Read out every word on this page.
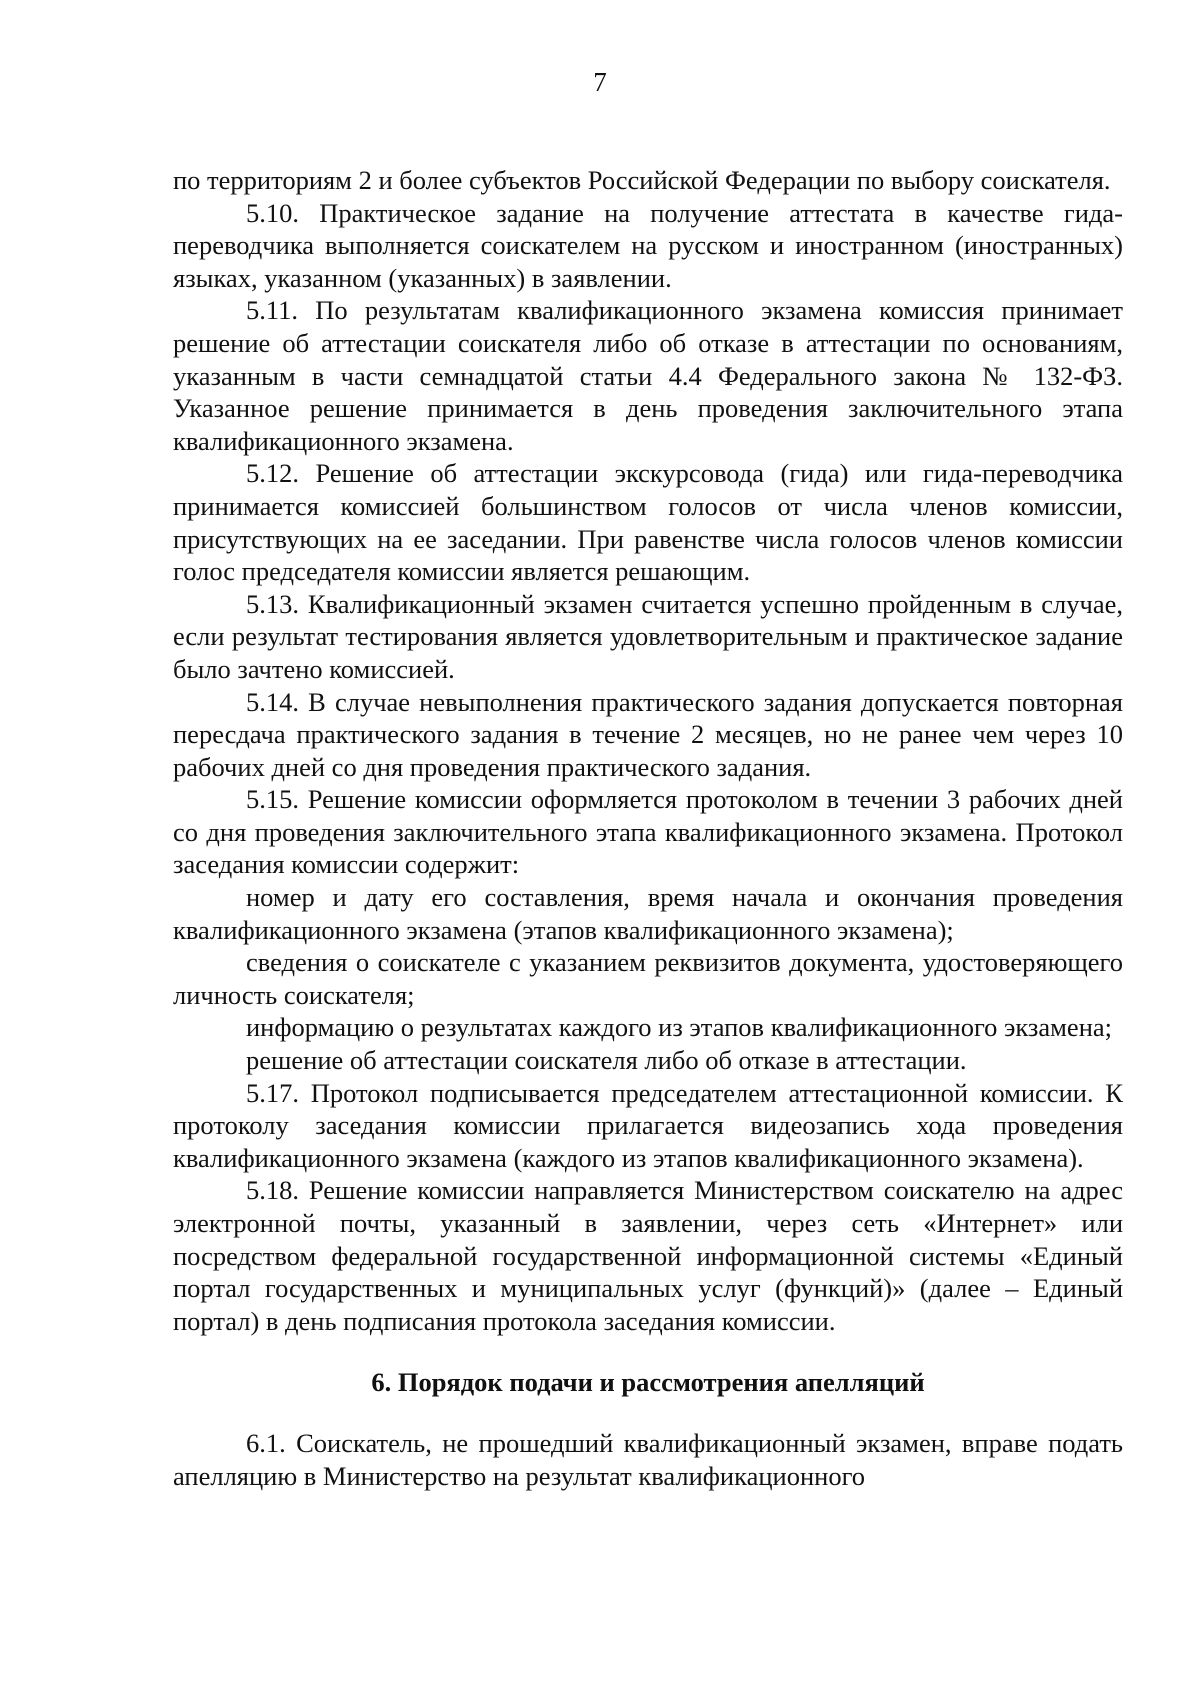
7

по территориям 2 и более субъектов Российской Федерации по выбору соискателя.

5.10. Практическое задание на получение аттестата в качестве гида-переводчика выполняется соискателем на русском и иностранном (иностранных) языках, указанном (указанных) в заявлении.

5.11. По результатам квалификационного экзамена комиссия принимает решение об аттестации соискателя либо об отказе в аттестации по основаниям, указанным в части семнадцатой статьи 4.4 Федерального закона № 132-ФЗ. Указанное решение принимается в день проведения заключительного этапа квалификационного экзамена.

5.12. Решение об аттестации экскурсовода (гида) или гида-переводчика принимается комиссией большинством голосов от числа членов комиссии, присутствующих на ее заседании. При равенстве числа голосов членов комиссии голос председателя комиссии является решающим.

5.13. Квалификационный экзамен считается успешно пройденным в случае, если результат тестирования является удовлетворительным и практическое задание было зачтено комиссией.

5.14. В случае невыполнения практического задания допускается повторная пересдача практического задания в течение 2 месяцев, но не ранее чем через 10 рабочих дней со дня проведения практического задания.

5.15. Решение комиссии оформляется протоколом в течении 3 рабочих дней со дня проведения заключительного этапа квалификационного экзамена. Протокол заседания комиссии содержит:

номер и дату его составления, время начала и окончания проведения квалификационного экзамена (этапов квалификационного экзамена);

сведения о соискателе с указанием реквизитов документа, удостоверяющего личность соискателя;

информацию о результатах каждого из этапов квалификационного экзамена;

решение об аттестации соискателя либо об отказе в аттестации.

5.17. Протокол подписывается председателем аттестационной комиссии. К протоколу заседания комиссии прилагается видеозапись хода проведения квалификационного экзамена (каждого из этапов квалификационного экзамена).

5.18. Решение комиссии направляется Министерством соискателю на адрес электронной почты, указанный в заявлении, через сеть «Интернет» или посредством федеральной государственной информационной системы «Единый портал государственных и муниципальных услуг (функций)» (далее – Единый портал) в день подписания протокола заседания комиссии.

6. Порядок подачи и рассмотрения апелляций

6.1. Соискатель, не прошедший квалификационный экзамен, вправе подать апелляцию в Министерство на результат квалификационного
